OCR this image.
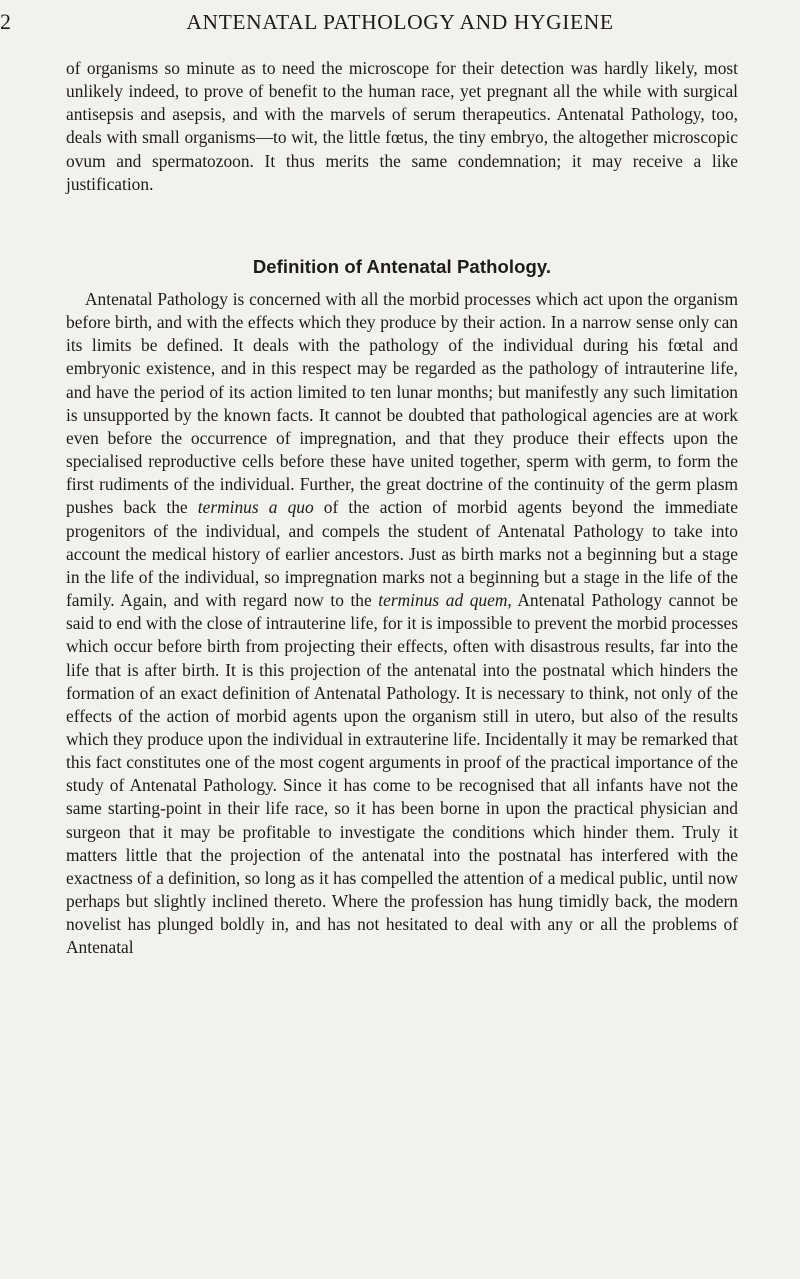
2	ANTENATAL PATHOLOGY AND HYGIENE

of organisms so minute as to need the microscope for their detection was hardly likely, most unlikely indeed, to prove of benefit to the human race, yet pregnant all the while with surgical antisepsis and asepsis, and with the marvels of serum therapeutics. Antenatal Pathology, too, deals with small organisms—to wit, the little fœtus, the tiny embryo, the altogether microscopic ovum and spermatozoon. It thus merits the same condemnation; it may receive a like justification.

Definition of Antenatal Pathology.

Antenatal Pathology is concerned with all the morbid processes which act upon the organism before birth, and with the effects which they produce by their action. In a narrow sense only can its limits be defined. It deals with the pathology of the individual during his fœtal and embryonic existence, and in this respect may be regarded as the pathology of intrauterine life, and have the period of its action limited to ten lunar months; but manifestly any such limitation is unsupported by the known facts. It cannot be doubted that pathological agencies are at work even before the occurrence of impregnation, and that they produce their effects upon the specialised reproductive cells before these have united together, sperm with germ, to form the first rudiments of the individual. Further, the great doctrine of the continuity of the germ plasm pushes back the terminus a quo of the action of morbid agents beyond the immediate progenitors of the individual, and compels the student of Antenatal Pathology to take into account the medical history of earlier ancestors. Just as birth marks not a beginning but a stage in the life of the individual, so impregnation marks not a beginning but a stage in the life of the family. Again, and with regard now to the terminus ad quem, Antenatal Pathology cannot be said to end with the close of intrauterine life, for it is impossible to prevent the morbid processes which occur before birth from projecting their effects, often with disastrous results, far into the life that is after birth. It is this projection of the antenatal into the postnatal which hinders the formation of an exact definition of Antenatal Pathology. It is necessary to think, not only of the effects of the action of morbid agents upon the organism still in utero, but also of the results which they produce upon the individual in extrauterine life. Incidentally it may be remarked that this fact constitutes one of the most cogent arguments in proof of the practical importance of the study of Antenatal Pathology. Since it has come to be recognised that all infants have not the same starting-point in their life race, so it has been borne in upon the practical physician and surgeon that it may be profitable to investigate the conditions which hinder them. Truly it matters little that the projection of the antenatal into the postnatal has interfered with the exactness of a definition, so long as it has compelled the attention of a medical public, until now perhaps but slightly inclined thereto. Where the profession has hung timidly back, the modern novelist has plunged boldly in, and has not hesitated to deal with any or all the problems of Antenatal
